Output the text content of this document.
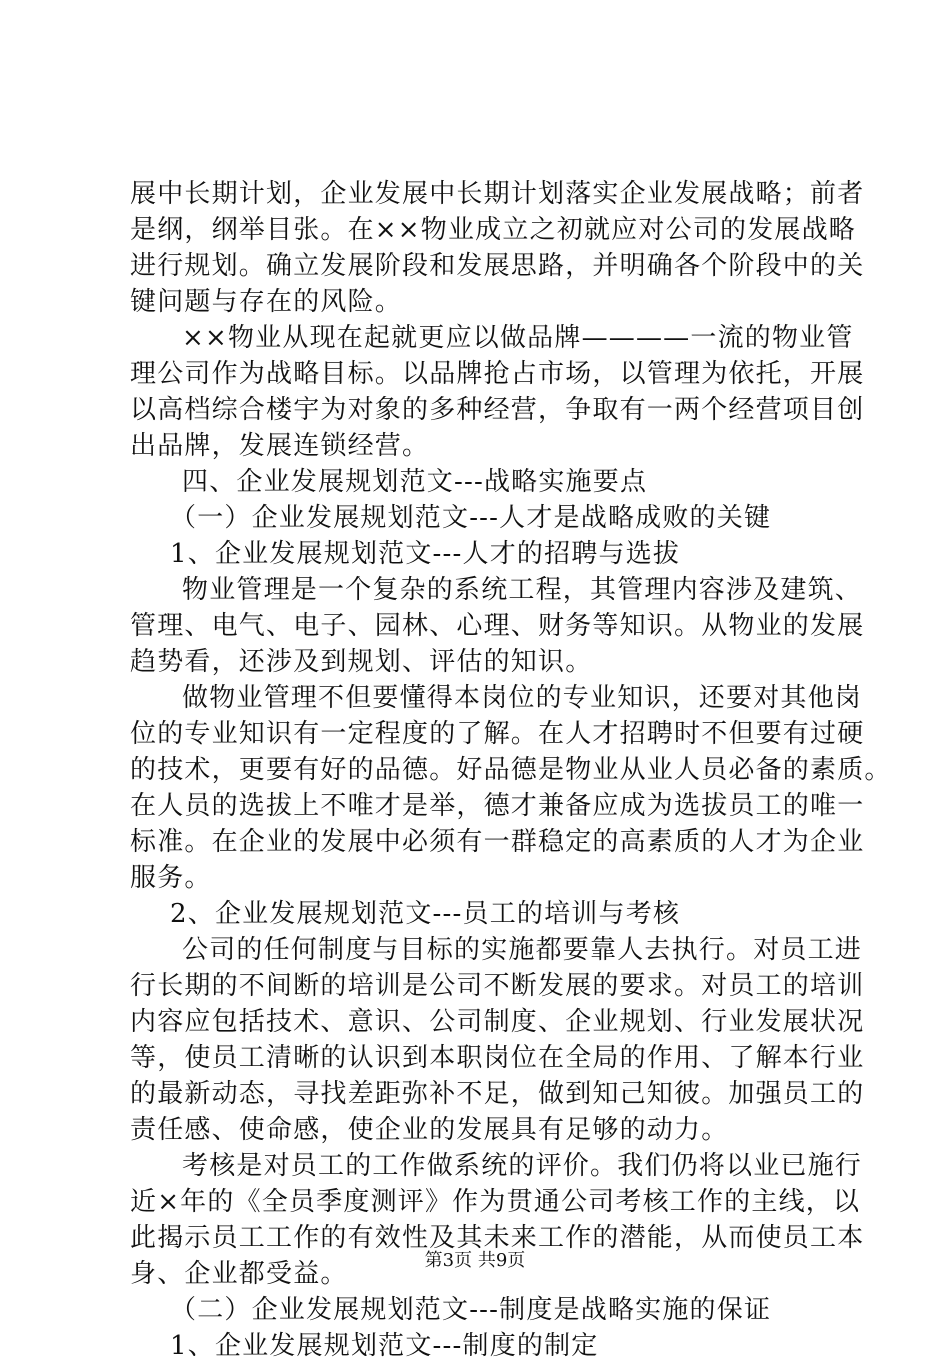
展中长期计划，企业发展中长期计划落实企业发展战略；前者
是纲，纲举目张。在××物业成立之初就应对公司的发展战略
进行规划。确立发展阶段和发展思路，并明确各个阶段中的关
键问题与存在的风险。
××物业从现在起就更应以做品牌————一流的物业管
理公司作为战略目标。以品牌抢占市场，以管理为依托，开展
以高档综合楼宇为对象的多种经营，争取有一两个经营项目创
出品牌，发展连锁经营。
四、企业发展规划范文---战略实施要点
（一）企业发展规划范文---人才是战略成败的关键
1、企业发展规划范文---人才的招聘与选拔
物业管理是一个复杂的系统工程，其管理内容涉及建筑、
管理、电气、电子、园林、心理、财务等知识。从物业的发展
趋势看，还涉及到规划、评估的知识。
做物业管理不但要懂得本岗位的专业知识，还要对其他岗
位的专业知识有一定程度的了解。在人才招聘时不但要有过硬
的技术，更要有好的品德。好品德是物业从业人员必备的素质。
在人员的选拔上不唯才是举，德才兼备应成为选拔员工的唯一
标准。在企业的发展中必须有一群稳定的高素质的人才为企业
服务。
2、企业发展规划范文---员工的培训与考核
公司的任何制度与目标的实施都要靠人去执行。对员工进
行长期的不间断的培训是公司不断发展的要求。对员工的培训
内容应包括技术、意识、公司制度、企业规划、行业发展状况
等，使员工清晰的认识到本职岗位在全局的作用、了解本行业
的最新动态，寻找差距弥补不足，做到知己知彼。加强员工的
责任感、使命感，使企业的发展具有足够的动力。
考核是对员工的工作做系统的评价。我们仍将以业已施行
近×年的《全员季度测评》作为贯通公司考核工作的主线，以
此揭示员工工作的有效性及其未来工作的潜能，从而使员工本
身、企业都受益。
（二）企业发展规划范文---制度是战略实施的保证
1、企业发展规划范文---制度的制定
第3页 共9页
